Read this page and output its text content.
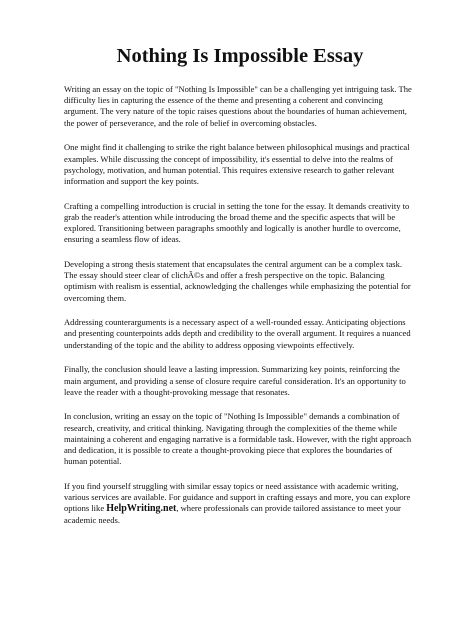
Nothing Is Impossible Essay

Writing an essay on the topic of "Nothing Is Impossible" can be a challenging yet intriguing task. The difficulty lies in capturing the essence of the theme and presenting a coherent and convincing argument. The very nature of the topic raises questions about the boundaries of human achievement, the power of perseverance, and the role of belief in overcoming obstacles.

One might find it challenging to strike the right balance between philosophical musings and practical examples. While discussing the concept of impossibility, it's essential to delve into the realms of psychology, motivation, and human potential. This requires extensive research to gather relevant information and support the key points.

Crafting a compelling introduction is crucial in setting the tone for the essay. It demands creativity to grab the reader's attention while introducing the broad theme and the specific aspects that will be explored. Transitioning between paragraphs smoothly and logically is another hurdle to overcome, ensuring a seamless flow of ideas.

Developing a strong thesis statement that encapsulates the central argument can be a complex task. The essay should steer clear of clichÃ©s and offer a fresh perspective on the topic. Balancing optimism with realism is essential, acknowledging the challenges while emphasizing the potential for overcoming them.

Addressing counterarguments is a necessary aspect of a well-rounded essay. Anticipating objections and presenting counterpoints adds depth and credibility to the overall argument. It requires a nuanced understanding of the topic and the ability to address opposing viewpoints effectively.

Finally, the conclusion should leave a lasting impression. Summarizing key points, reinforcing the main argument, and providing a sense of closure require careful consideration. It's an opportunity to leave the reader with a thought-provoking message that resonates.

In conclusion, writing an essay on the topic of "Nothing Is Impossible" demands a combination of research, creativity, and critical thinking. Navigating through the complexities of the theme while maintaining a coherent and engaging narrative is a formidable task. However, with the right approach and dedication, it is possible to create a thought-provoking piece that explores the boundaries of human potential.

If you find yourself struggling with similar essay topics or need assistance with academic writing, various services are available. For guidance and support in crafting essays and more, you can explore options like HelpWriting.net, where professionals can provide tailored assistance to meet your academic needs.
